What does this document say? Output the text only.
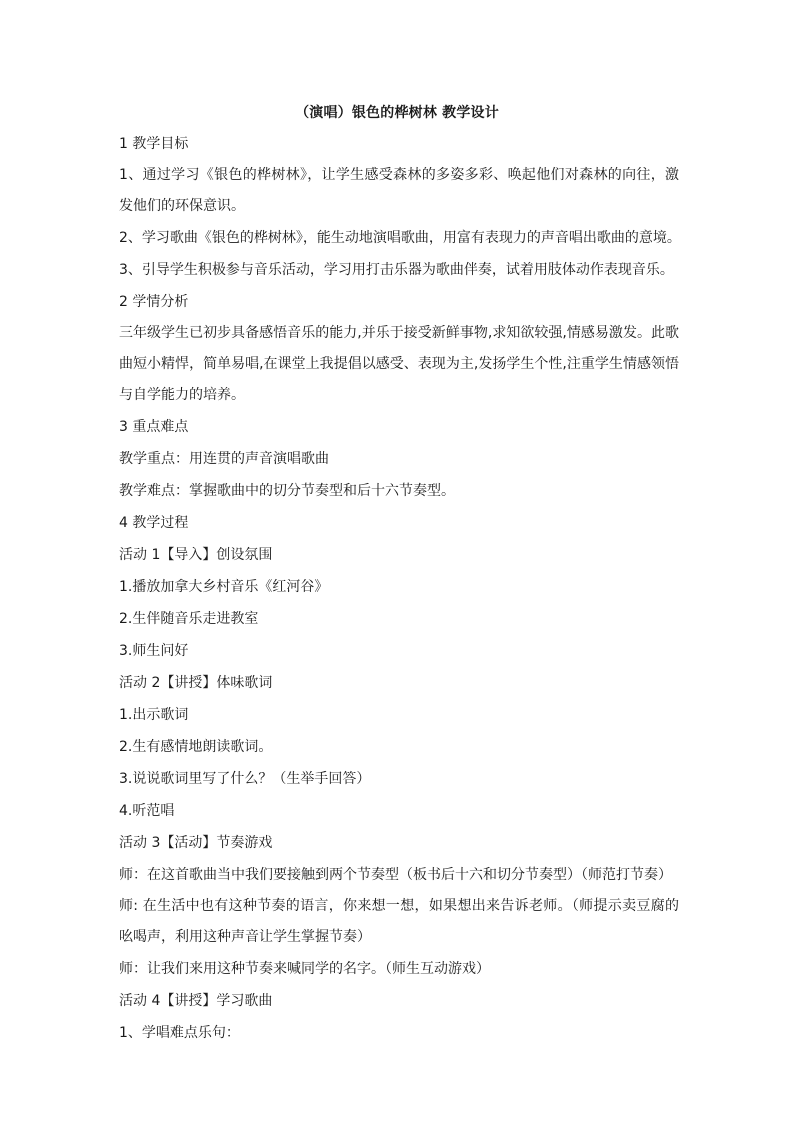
（演唱）银色的桦树林 教学设计

1 教学目标

1、通过学习《银色的桦树林》，让学生感受森林的多姿多彩、唤起他们对森林的向往，激发他们的环保意识。

2、学习歌曲《银色的桦树林》，能生动地演唱歌曲，用富有表现力的声音唱出歌曲的意境。

3、引导学生积极参与音乐活动，学习用打击乐器为歌曲伴奏，试着用肢体动作表现音乐。

2 学情分析

三年级学生已初步具备感悟音乐的能力,并乐于接受新鲜事物,求知欲较强,情感易激发。此歌曲短小精悍，简单易唱,在课堂上我提倡以感受、表现为主,发扬学生个性,注重学生情感领悟与自学能力的培养。

3 重点难点

教学重点：用连贯的声音演唱歌曲

教学难点：掌握歌曲中的切分节奏型和后十六节奏型。

4 教学过程

活动 1【导入】创设氛围

1.播放加拿大乡村音乐《红河谷》

2.生伴随音乐走进教室

3.师生问好

活动 2【讲授】体味歌词

1.出示歌词

2.生有感情地朗读歌词。

3.说说歌词里写了什么？（生举手回答）

4.听范唱

活动 3【活动】节奏游戏

师：在这首歌曲当中我们要接触到两个节奏型（板书后十六和切分节奏型）（师范打节奏）

师: 在生活中也有这种节奏的语言，你来想一想，如果想出来告诉老师。（师提示卖豆腐的吆喝声，利用这种声音让学生掌握节奏）

师：让我们来用这种节奏来喊同学的名字。（师生互动游戏）

活动 4【讲授】学习歌曲

1、学唱难点乐句：
